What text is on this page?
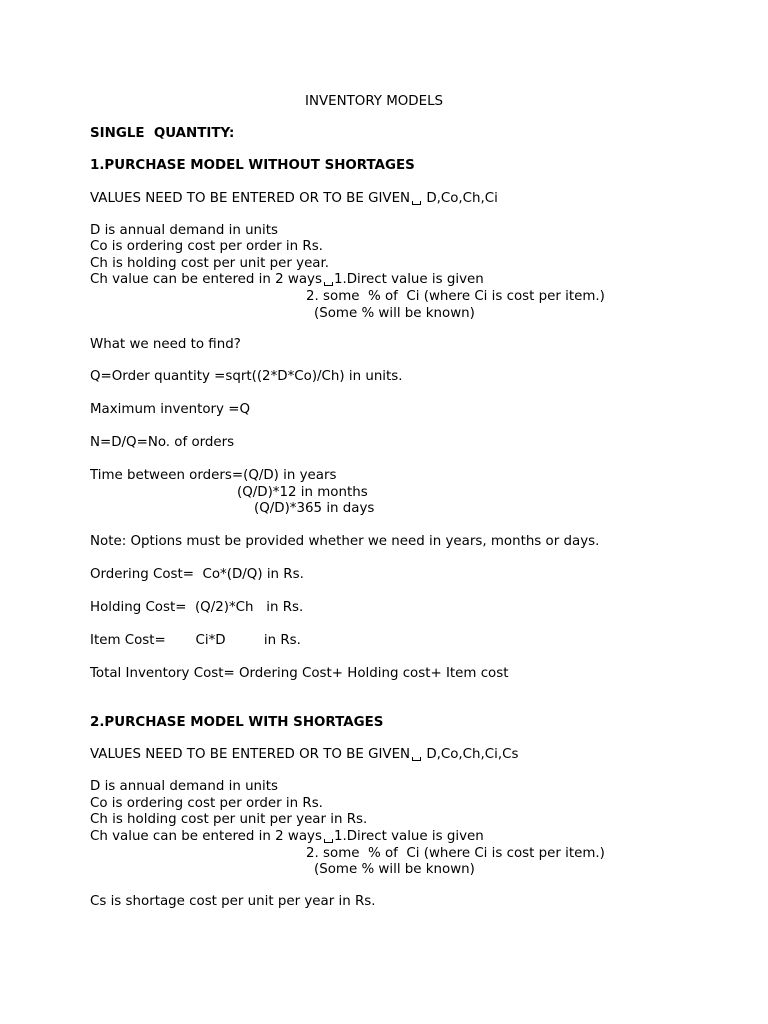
INVENTORY MODELS
SINGLE  QUANTITY:
1.PURCHASE MODEL WITHOUT SHORTAGES
VALUES NEED TO BE ENTERED OR TO BE GIVEN D,Co,Ch,Ci
D is annual demand in units
Co is ordering cost per order in Rs.
Ch is holding cost per unit per year.
Ch value can be entered in 2 ways 1.Direct value is given
2. some  % of  Ci (where Ci is cost per item.)
(Some % will be known)
What we need to find?
Q=Order quantity =sqrt((2*D*Co)/Ch) in units.
Maximum inventory =Q
N=D/Q=No. of orders
Time between orders=(Q/D) in years
(Q/D)*12 in months
(Q/D)*365 in days
Note: Options must be provided whether we need in years, months or days.
Ordering Cost=  Co*(D/Q) in Rs.
Holding Cost=  (Q/2)*Ch   in Rs.
Item Cost=       Ci*D         in Rs.
Total Inventory Cost= Ordering Cost+ Holding cost+ Item cost
2.PURCHASE MODEL WITH SHORTAGES
VALUES NEED TO BE ENTERED OR TO BE GIVEN D,Co,Ch,Ci,Cs
D is annual demand in units
Co is ordering cost per order in Rs.
Ch is holding cost per unit per year in Rs.
Ch value can be entered in 2 ways 1.Direct value is given
2. some  % of  Ci (where Ci is cost per item.)
(Some % will be known)
Cs is shortage cost per unit per year in Rs.
